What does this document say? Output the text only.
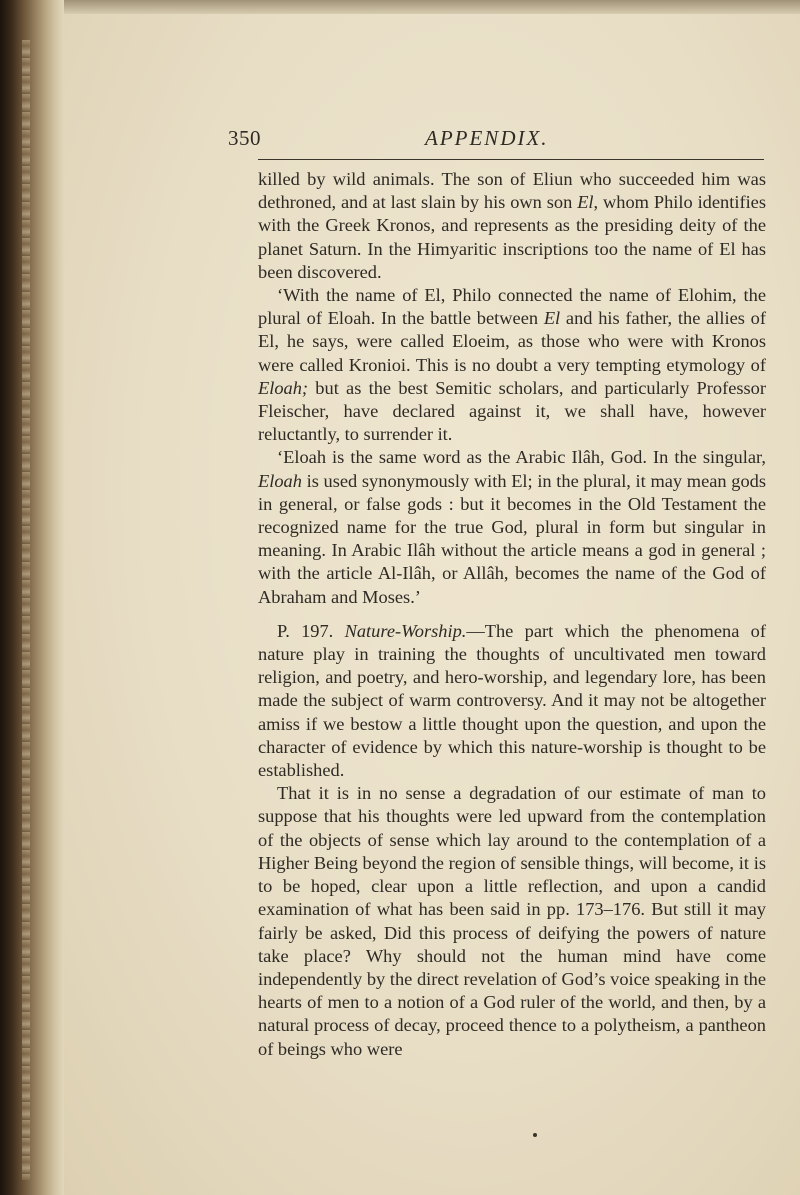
350	APPENDIX.

killed by wild animals. The son of Eliun who succeeded him was dethroned, and at last slain by his own son El, whom Philo identifies with the Greek Kronos, and represents as the presiding deity of the planet Saturn. In the Himyaritic inscriptions too the name of El has been discovered.

‘With the name of El, Philo connected the name of Elohim, the plural of Eloah. In the battle between El and his father, the allies of El, he says, were called Eloeim, as those who were with Kronos were called Kronioi. This is no doubt a very tempting etymology of Eloah; but as the best Semitic scholars, and particularly Professor Fleischer, have declared against it, we shall have, however reluctantly, to surrender it.

‘Eloah is the same word as the Arabic Ilâh, God. In the singular, Eloah is used synonymously with El; in the plural, it may mean gods in general, or false gods : but it becomes in the Old Testament the recognized name for the true God, plural in form but singular in meaning. In Arabic Ilâh without the article means a god in general ; with the article Al-Ilâh, or Allâh, becomes the name of the God of Abraham and Moses.’

P. 197. Nature-Worship.—The part which the phenomena of nature play in training the thoughts of uncultivated men toward religion, and poetry, and hero-worship, and legendary lore, has been made the subject of warm controversy. And it may not be altogether amiss if we bestow a little thought upon the question, and upon the character of evidence by which this nature-worship is thought to be established.

That it is in no sense a degradation of our estimate of man to suppose that his thoughts were led upward from the contemplation of the objects of sense which lay around to the contemplation of a Higher Being beyond the region of sensible things, will become, it is to be hoped, clear upon a little reflection, and upon a candid examination of what has been said in pp. 173–176. But still it may fairly be asked, Did this process of deifying the powers of nature take place? Why should not the human mind have come independently by the direct revelation of God’s voice speaking in the hearts of men to a notion of a God ruler of the world, and then, by a natural process of decay, proceed thence to a polytheism, a pantheon of beings who were
